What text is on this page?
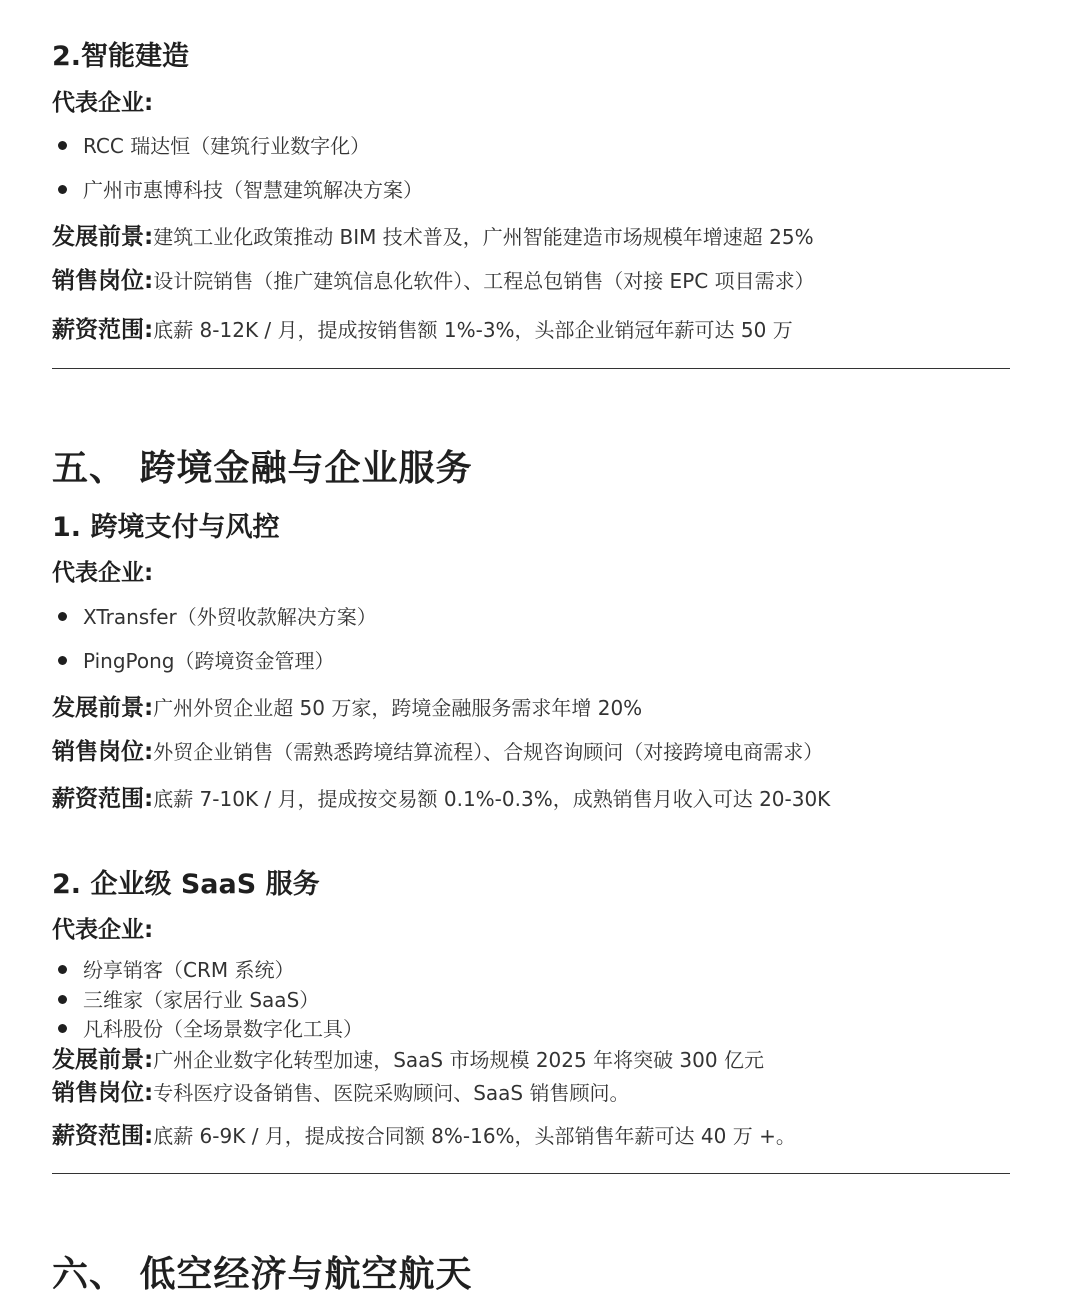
2.智能建造
代表企业:
RCC 瑞达恒（建筑行业数字化）
广州市惠博科技（智慧建筑解决方案）
发展前景:建筑工业化政策推动 BIM 技术普及，广州智能建造市场规模年增速超 25%
销售岗位:设计院销售（推广建筑信息化软件）、工程总包销售（对接 EPC 项目需求）
薪资范围:底薪 8-12K / 月，提成按销售额 1%-3%，头部企业销冠年薪可达 50 万
五、 跨境金融与企业服务
1. 跨境支付与风控
代表企业:
XTransfer（外贸收款解决方案）
PingPong（跨境资金管理）
发展前景:广州外贸企业超 50 万家，跨境金融服务需求年增 20%
销售岗位:外贸企业销售（需熟悉跨境结算流程）、合规咨询顾问（对接跨境电商需求）
薪资范围:底薪 7-10K / 月，提成按交易额 0.1%-0.3%，成熟销售月收入可达 20-30K
2. 企业级 SaaS 服务
代表企业:
纷享销客（CRM 系统）
三维家（家居行业 SaaS）
凡科股份（全场景数字化工具）
发展前景:广州企业数字化转型加速，SaaS 市场规模 2025 年将突破 300 亿元
销售岗位:专科医疗设备销售、医院采购顾问、SaaS 销售顾问。
薪资范围:底薪 6-9K / 月，提成按合同额 8%-16%，头部销售年薪可达 40 万 +。
六、 低空经济与航空航天
